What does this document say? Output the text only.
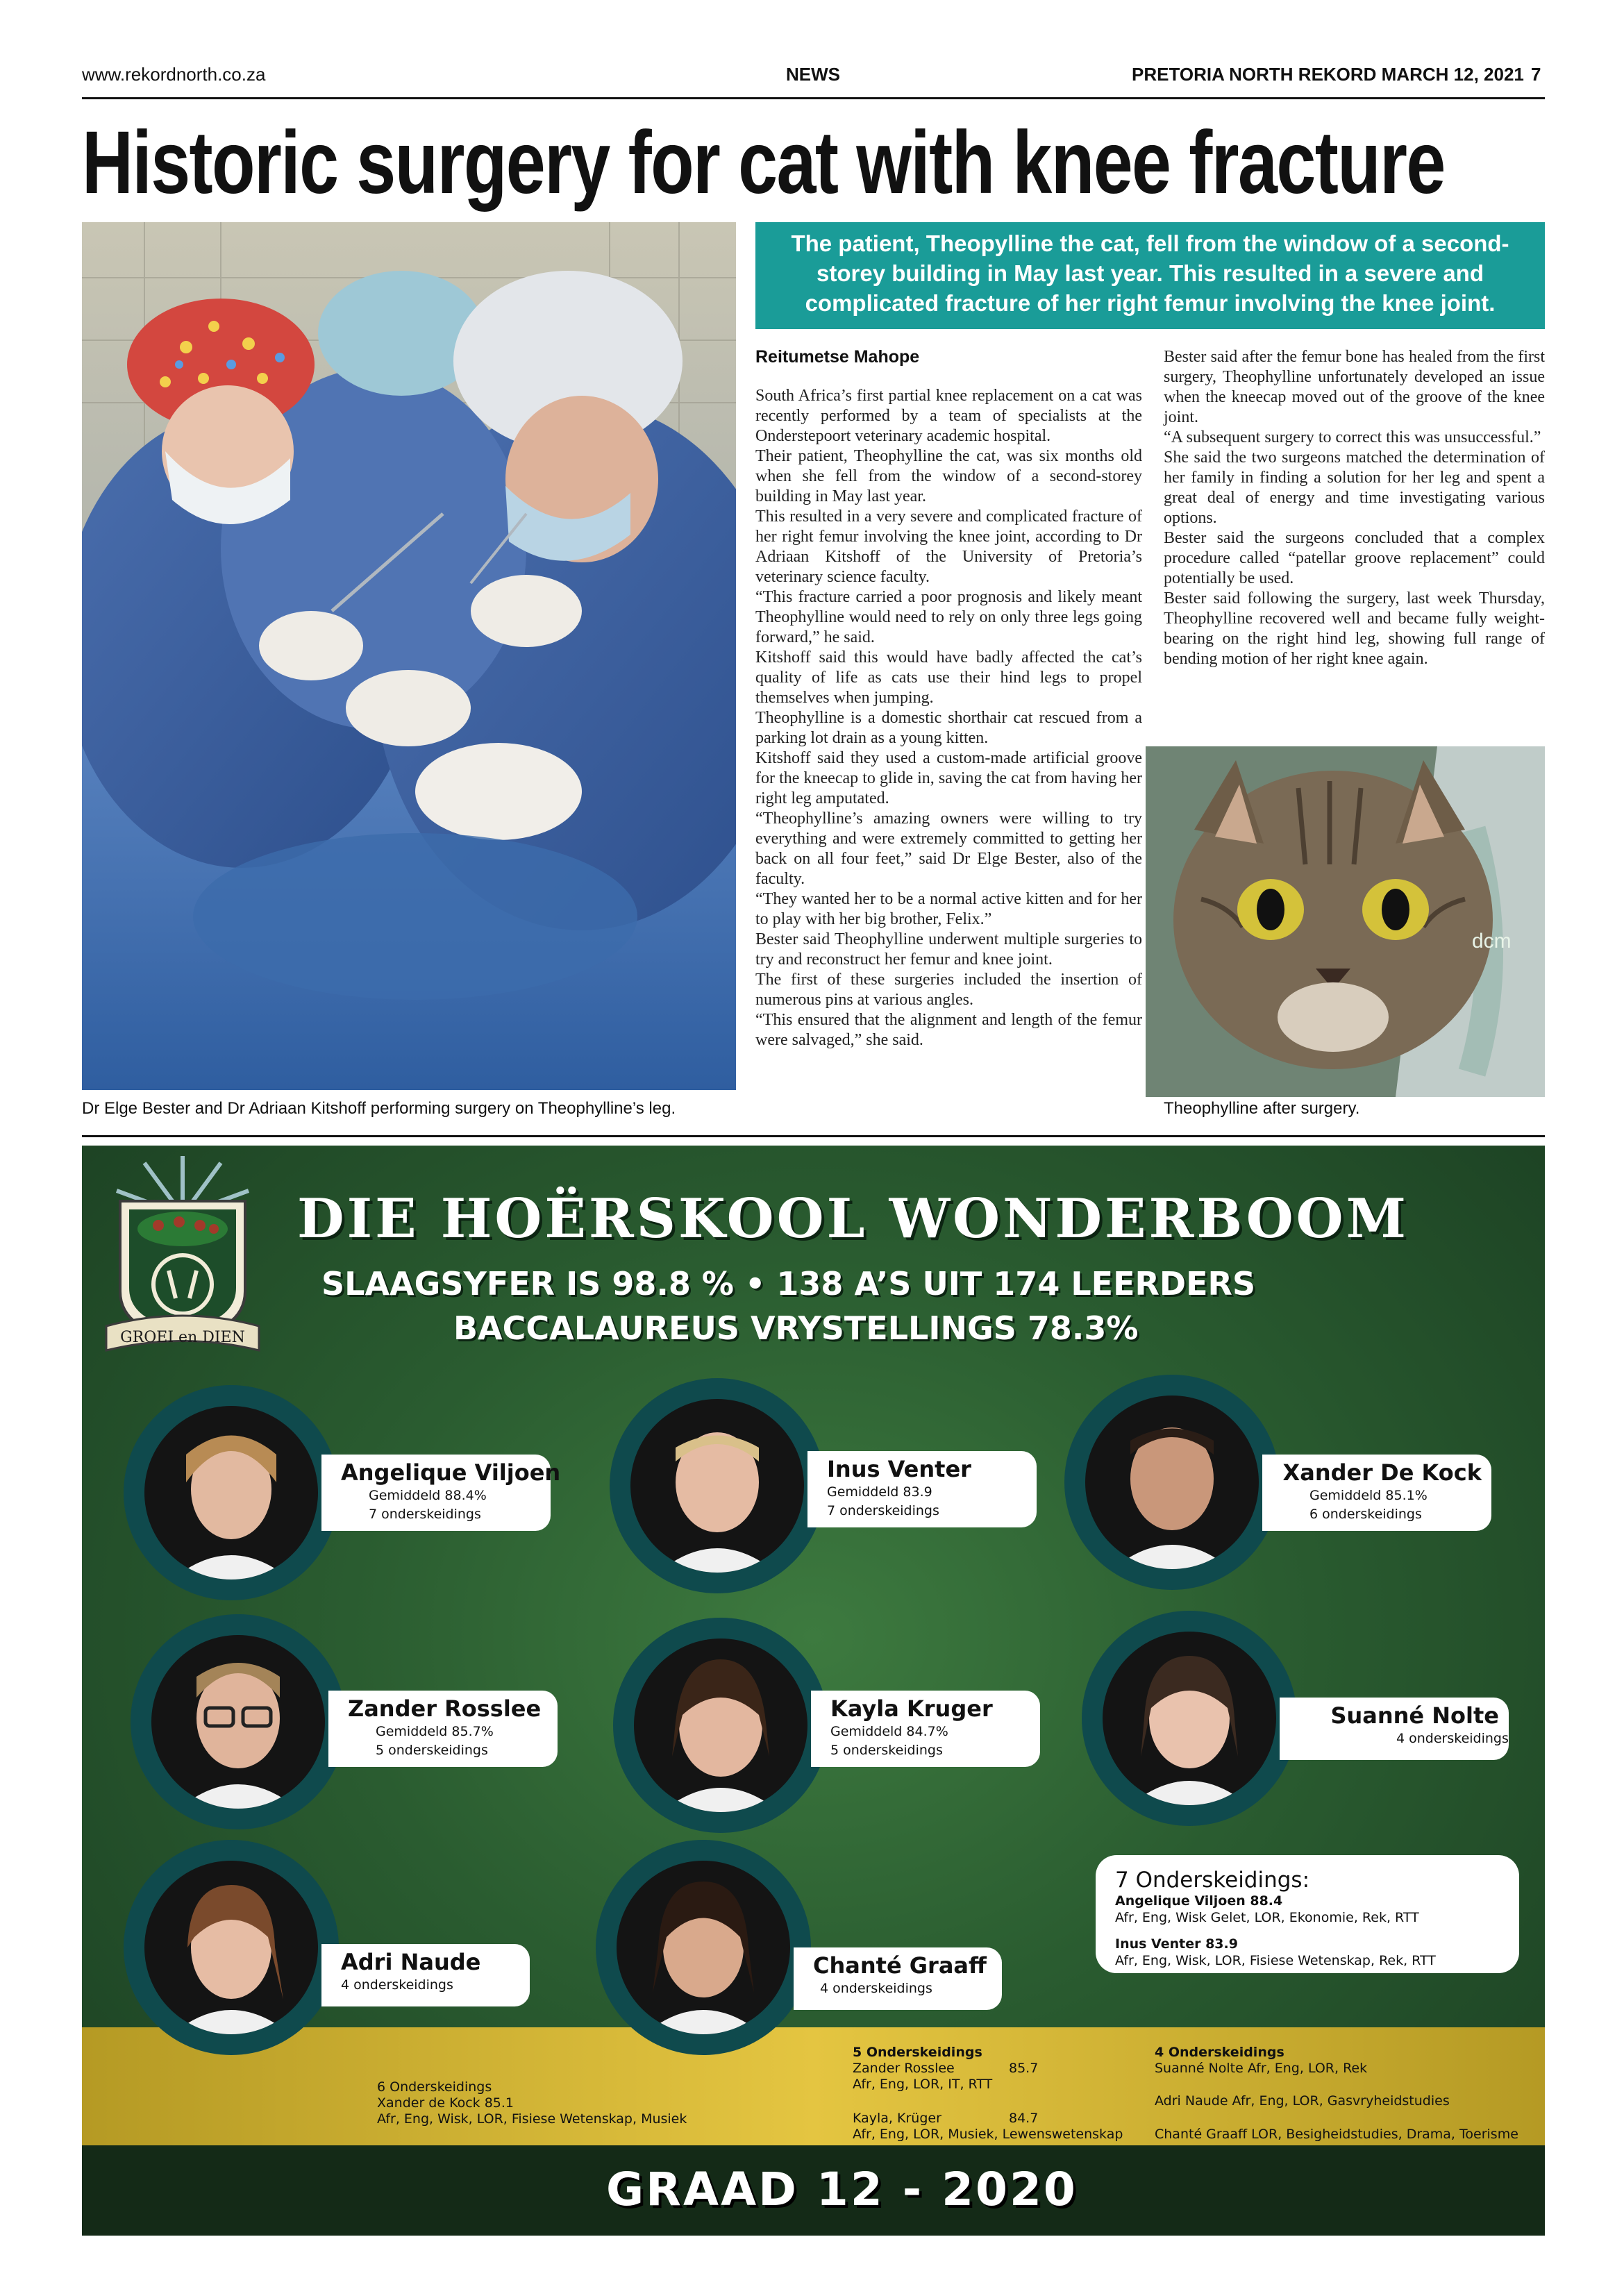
www.rekordnorth.co.za	NEWS	PRETORIA NORTH REKORD MARCH 12, 2021 7
Historic surgery for cat with knee fracture
Dr Elge Bester and Dr Adriaan Kitshoff performing surgery on Theophylline’s leg.
The patient, Theopylline the cat, fell from the window of a second-storey building in May last year. This resulted in a severe and complicated fracture of her right femur involving the knee joint.
Reitumetse Mahope
South Africa’s first partial knee replacement on a cat was recently performed by a team of specialists at the Onderstepoort veterinary academic hospital.
Their patient, Theophylline the cat, was six months old when she fell from the window of a second-storey building in May last year.
This resulted in a very severe and complicated fracture of her right femur involving the knee joint, according to Dr Adriaan Kitshoff of the University of Pretoria’s veterinary science faculty.
“This fracture carried a poor prognosis and likely meant Theophylline would need to rely on only three legs going forward,” he said.
Kitshoff said this would have badly affected the cat’s quality of life as cats use their hind legs to propel themselves when jumping.
Theophylline is a domestic shorthair cat rescued from a parking lot drain as a young kitten.
Kitshoff said they used a custom-made artificial groove for the kneecap to glide in, saving the cat from having her right leg amputated.
“Theophylline’s amazing owners were willing to try everything and were extremely committed to getting her back on all four feet,” said Dr Elge Bester, also of the faculty.
“They wanted her to be a normal active kitten and for her to play with her big brother, Felix.”
Bester said Theophylline underwent multiple surgeries to try and reconstruct her femur and knee joint.
The first of these surgeries included the insertion of numerous pins at various angles.
“This ensured that the alignment and length of the femur were salvaged,” she said.
Bester said after the femur bone has healed from the first surgery, Theophylline unfortunately developed an issue when the kneecap moved out of the groove of the knee joint.
“A subsequent surgery to correct this was unsuccessful.”
She said the two surgeons matched the determination of her family in finding a solution for her leg and spent a great deal of energy and time investigating various options.
Bester said the surgeons concluded that a complex procedure called “patellar groove replacement” could potentially be used.
Bester said following the surgery, last week Thursday, Theophylline recovered well and became fully weight-bearing on the right hind leg, showing full range of bending motion of her right knee again.
dcm
Theophylline after surgery.
GROEI en DIEN
DIE HOËRSKOOL WONDERBOOM
SLAAGSYFER IS 98.8 % • 138 A’S UIT 174 LEERDERS
BACCALAUREUS VRYSTELLINGS 78.3%
Angelique Viljoen
Gemiddeld 88.4%
7 onderskeidings
Inus Venter
Gemiddeld 83.9
7 onderskeidings
Xander De Kock
Gemiddeld 85.1%
6 onderskeidings
Zander Rosslee
Gemiddeld 85.7%
5 onderskeidings
Kayla Kruger
Gemiddeld 84.7%
5 onderskeidings
Suanné Nolte
4 onderskeidings
7 Onderskeidings:
Angelique Viljoen 88.4
Afr, Eng, Wisk Gelet, LOR, Ekonomie, Rek, RTT
Inus Venter 83.9
Afr, Eng, Wisk, LOR, Fisiese Wetenskap, Rek, RTT
Adri Naude
4 onderskeidings
Chanté Graaff
4 onderskeidings
6 Onderskeidings
Xander de Kock 85.1
Afr, Eng, Wisk, LOR, Fisiese Wetenskap, Musiek
5 Onderskeidings
Zander Rosslee	85.7
Afr, Eng, LOR, IT, RTT
Kayla, Krüger	84.7
Afr, Eng, LOR, Musiek, Lewenswetenskap
4 Onderskeidings
Suanné Nolte Afr, Eng, LOR, Rek
Adri Naude Afr, Eng, LOR, Gasvryheidstudies
Chanté Graaff LOR, Besigheidstudies, Drama, Toerisme
GRAAD 12 - 2020
